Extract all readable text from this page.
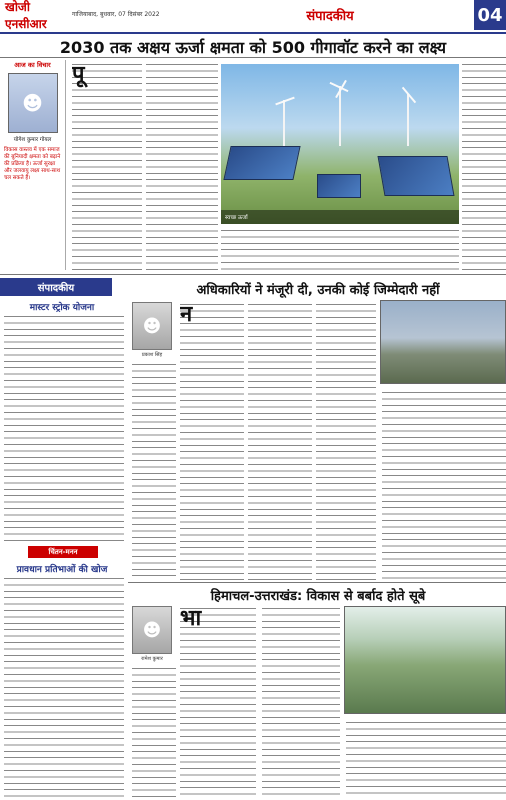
खोजी एनसीआर
गाजियाबाद, बुधवार, 07 दिसंबर 2022	संपादकीय	04
2030 तक अक्षय ऊर्जा क्षमता को 500 गीगावॉट करने का लक्ष्य
आज का विचार
☻
योगेश कुमार गोयल
विकास वास्तव में एक समाज की बुनियादी क्षमता को बढ़ाने की प्रक्रिया है। ऊर्जा सुरक्षा और जलवायु लक्ष्य साथ-साथ चल सकते हैं।
पू
स्वच्छ ऊर्जा
संपादकीय
मास्टर स्ट्रोक योजना
चिंतन-मनन
प्रावधान प्रतिभाओं की खोज
अधिकारियों ने मंजूरी दी, उनकी कोई जिम्मेदारी नहीं
☻
प्रकाश सिंह
न
हिमाचल-उत्तराखंड: विकास से बर्बाद होते सूबे
☻
रामेश कुमार
भा
